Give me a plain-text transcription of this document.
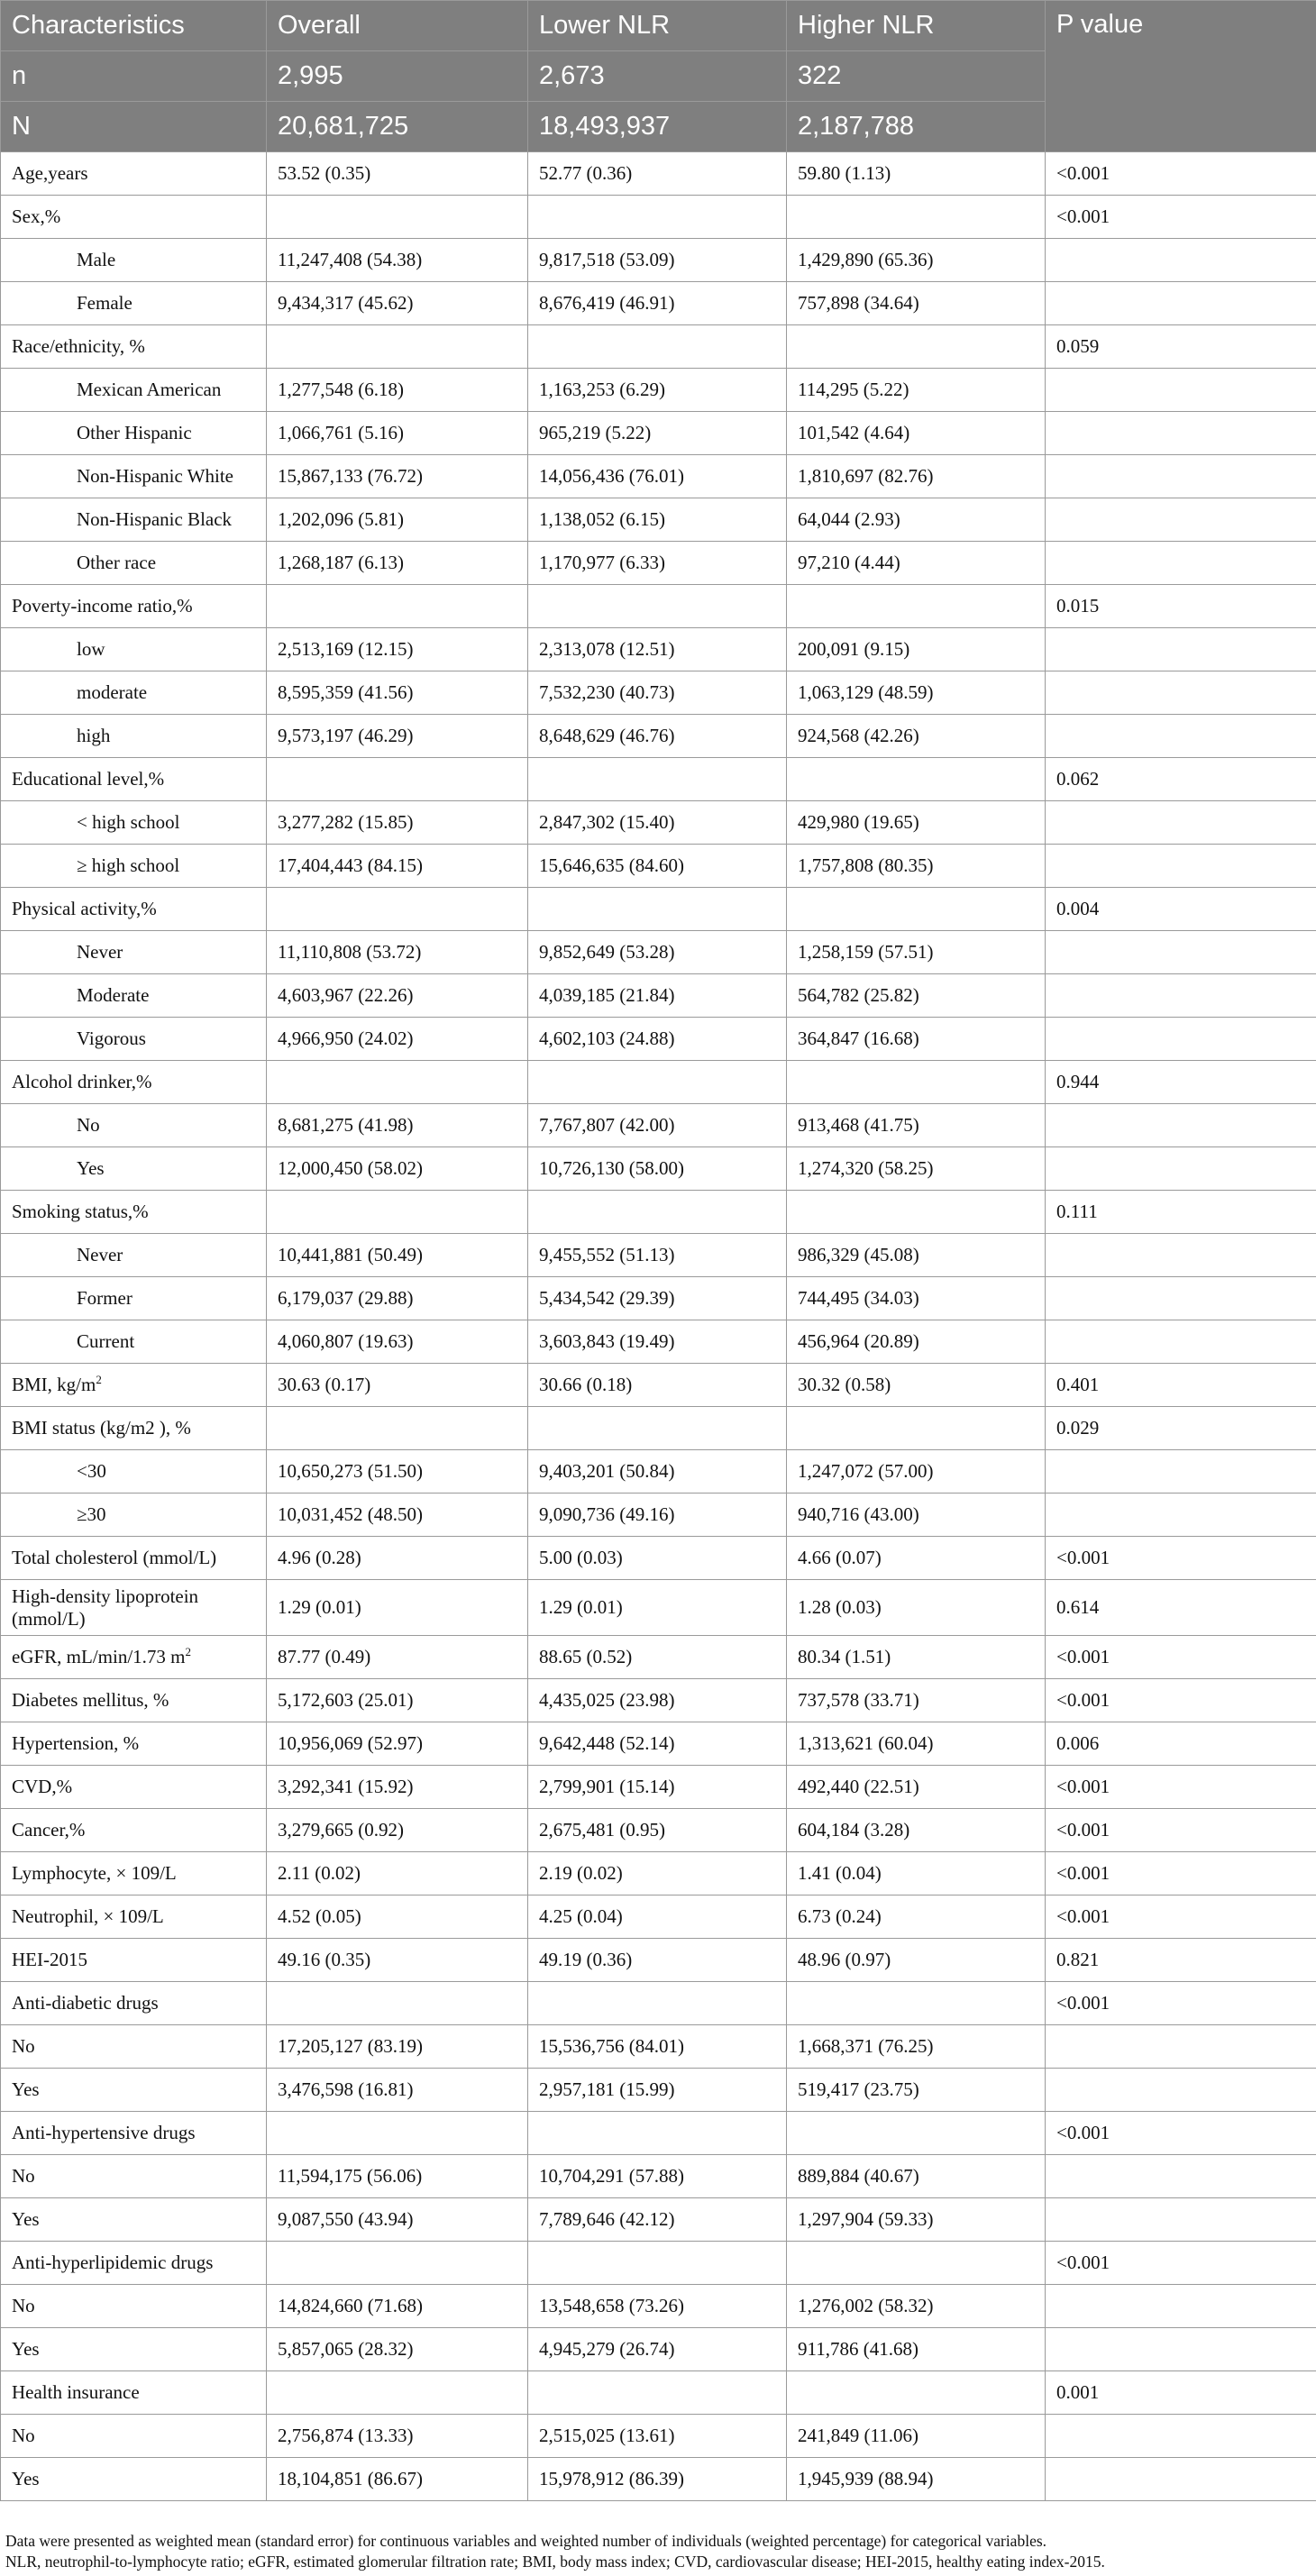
Characteristics	Overall	Lower NLR	Higher NLR	P value
n	2,995	2,673	322	
N	20,681,725	18,493,937	2,187,788	
Age,years	53.52 (0.35)	52.77 (0.36)	59.80 (1.13)	<0.001
Sex,%				<0.001
Male	11,247,408 (54.38)	9,817,518 (53.09)	1,429,890 (65.36)	
Female	9,434,317 (45.62)	8,676,419 (46.91)	757,898 (34.64)	
Race/ethnicity, %				0.059
Mexican American	1,277,548 (6.18)	1,163,253 (6.29)	114,295 (5.22)	
Other Hispanic	1,066,761 (5.16)	965,219 (5.22)	101,542 (4.64)	
Non-Hispanic White	15,867,133 (76.72)	14,056,436 (76.01)	1,810,697 (82.76)	
Non-Hispanic Black	1,202,096 (5.81)	1,138,052 (6.15)	64,044 (2.93)	
Other race	1,268,187 (6.13)	1,170,977 (6.33)	97,210 (4.44)	
Poverty-income ratio,%				0.015
low	2,513,169 (12.15)	2,313,078 (12.51)	200,091 (9.15)	
moderate	8,595,359 (41.56)	7,532,230 (40.73)	1,063,129 (48.59)	
high	9,573,197 (46.29)	8,648,629 (46.76)	924,568 (42.26)	
Educational level,%				0.062
< high school	3,277,282 (15.85)	2,847,302 (15.40)	429,980 (19.65)	
≥ high school	17,404,443 (84.15)	15,646,635 (84.60)	1,757,808 (80.35)	
Physical activity,%				0.004
Never	11,110,808 (53.72)	9,852,649 (53.28)	1,258,159 (57.51)	
Moderate	4,603,967 (22.26)	4,039,185 (21.84)	564,782 (25.82)	
Vigorous	4,966,950 (24.02)	4,602,103 (24.88)	364,847 (16.68)	
Alcohol drinker,%				0.944
No	8,681,275 (41.98)	7,767,807 (42.00)	913,468 (41.75)	
Yes	12,000,450 (58.02)	10,726,130 (58.00)	1,274,320 (58.25)	
Smoking status,%				0.111
Never	10,441,881 (50.49)	9,455,552 (51.13)	986,329 (45.08)	
Former	6,179,037 (29.88)	5,434,542 (29.39)	744,495 (34.03)	
Current	4,060,807 (19.63)	3,603,843 (19.49)	456,964 (20.89)	
BMI, $kg/m^2$	30.63 (0.17)	30.66 (0.18)	30.32 (0.58)	0.401
BMI status (kg/m2 ), %				0.029
<30	10,650,273 (51.50)	9,403,201 (50.84)	1,247,072 (57.00)	
≥30	10,031,452 (48.50)	9,090,736 (49.16)	940,716 (43.00)	
Total cholesterol (mmol/L)	4.96 (0.28)	5.00 (0.03)	4.66 (0.07)	<0.001
High-density lipoprotein
(mmol/L)	1.29 (0.01)	1.29 (0.01)	1.28 (0.03)	0.614
eGFR, mL/min/1.73 $m^2$	87.77 (0.49)	88.65 (0.52)	80.34 (1.51)	<0.001
Diabetes mellitus, %	5,172,603 (25.01)	4,435,025 (23.98)	737,578 (33.71)	<0.001
Hypertension, %	10,956,069 (52.97)	9,642,448 (52.14)	1,313,621 (60.04)	0.006
CVD,%	3,292,341 (15.92)	2,799,901 (15.14)	492,440 (22.51)	<0.001
Cancer,%	3,279,665 (0.92)	2,675,481 (0.95)	604,184 (3.28)	<0.001
Lymphocyte, × 109/L	2.11 (0.02)	2.19 (0.02)	1.41 (0.04)	<0.001
Neutrophil, × 109/L	4.52 (0.05)	4.25 (0.04)	6.73 (0.24)	<0.001
HEI-2015	49.16 (0.35)	49.19 (0.36)	48.96 (0.97)	0.821
Anti-diabetic drugs				<0.001
No	17,205,127 (83.19)	15,536,756 (84.01)	1,668,371 (76.25)	
Yes	3,476,598 (16.81)	2,957,181 (15.99)	519,417 (23.75)	
Anti-hypertensive drugs				<0.001
No	11,594,175 (56.06)	10,704,291 (57.88)	889,884 (40.67)	
Yes	9,087,550 (43.94)	7,789,646 (42.12)	1,297,904 (59.33)	
Anti-hyperlipidemic drugs				<0.001
No	14,824,660 (71.68)	13,548,658 (73.26)	1,276,002 (58.32)	
Yes	5,857,065 (28.32)	4,945,279 (26.74)	911,786 (41.68)	
Health insurance				0.001
No	2,756,874 (13.33)	2,515,025 (13.61)	241,849 (11.06)	
Yes	18,104,851 (86.67)	15,978,912 (86.39)	1,945,939 (88.94)	
Data were presented as weighted mean (standard error) for continuous variables and weighted number of individuals (weighted percentage) for categorical variables.
NLR, neutrophil-to-lymphocyte ratio; eGFR, estimated glomerular filtration rate; BMI, body mass index; CVD, cardiovascular disease; HEI-2015, healthy eating index-2015.
